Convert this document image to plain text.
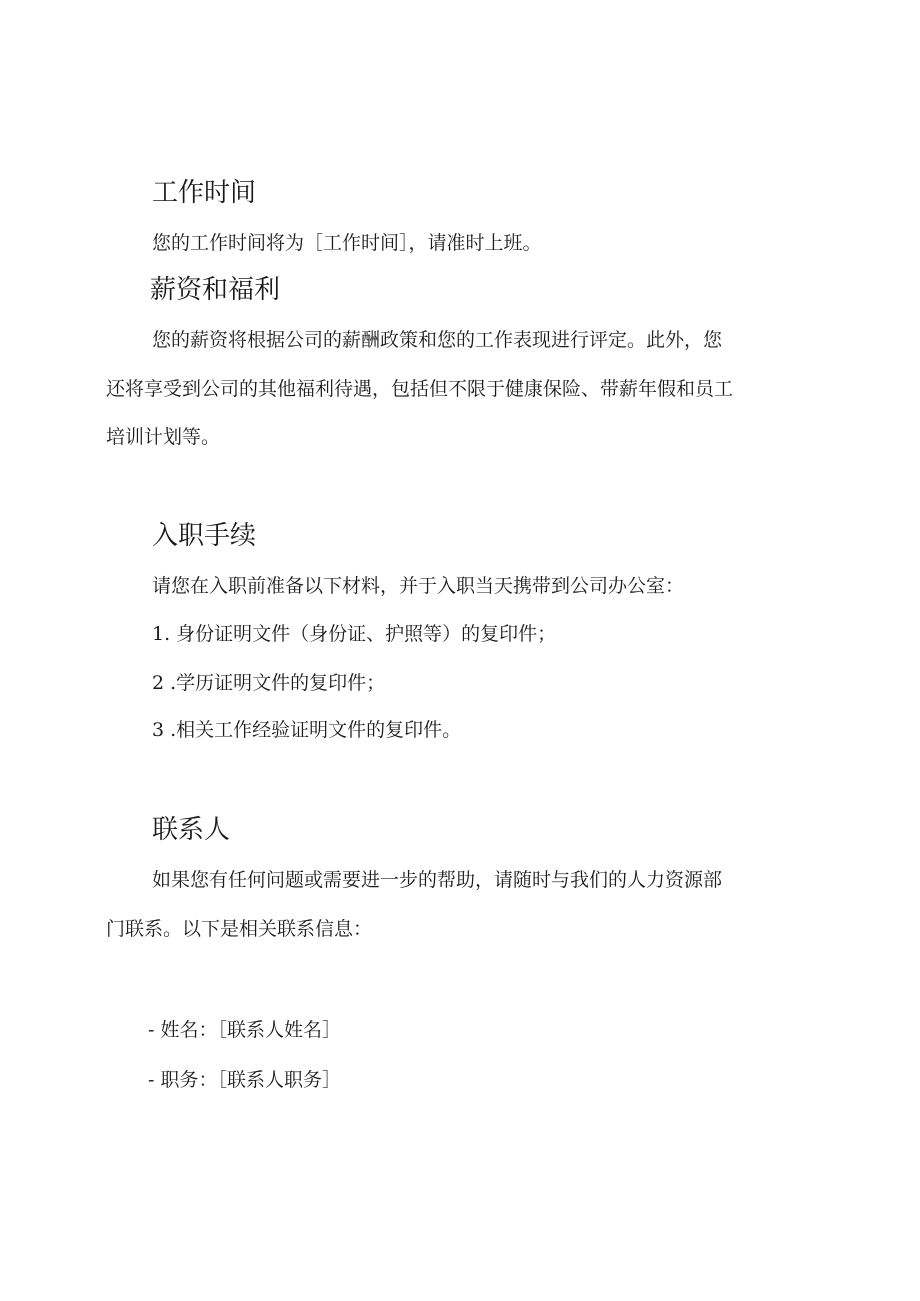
工作时间

您的工作时间将为［工作时间］，请准时上班。

薪资和福利

您的薪资将根据公司的薪酬政策和您的工作表现进行评定。此外，您

还将享受到公司的其他福利待遇，包括但不限于健康保险、带薪年假和员工

培训计划等。

入职手续

请您在入职前准备以下材料，并于入职当天携带到公司办公室：

1. 身份证明文件（身份证、护照等）的复印件；

2 .学历证明文件的复印件；

3 .相关工作经验证明文件的复印件。

联系人

如果您有任何问题或需要进一步的帮助，请随时与我们的人力资源部

门联系。以下是相关联系信息：

- 姓名：［联系人姓名］

- 职务：［联系人职务］
